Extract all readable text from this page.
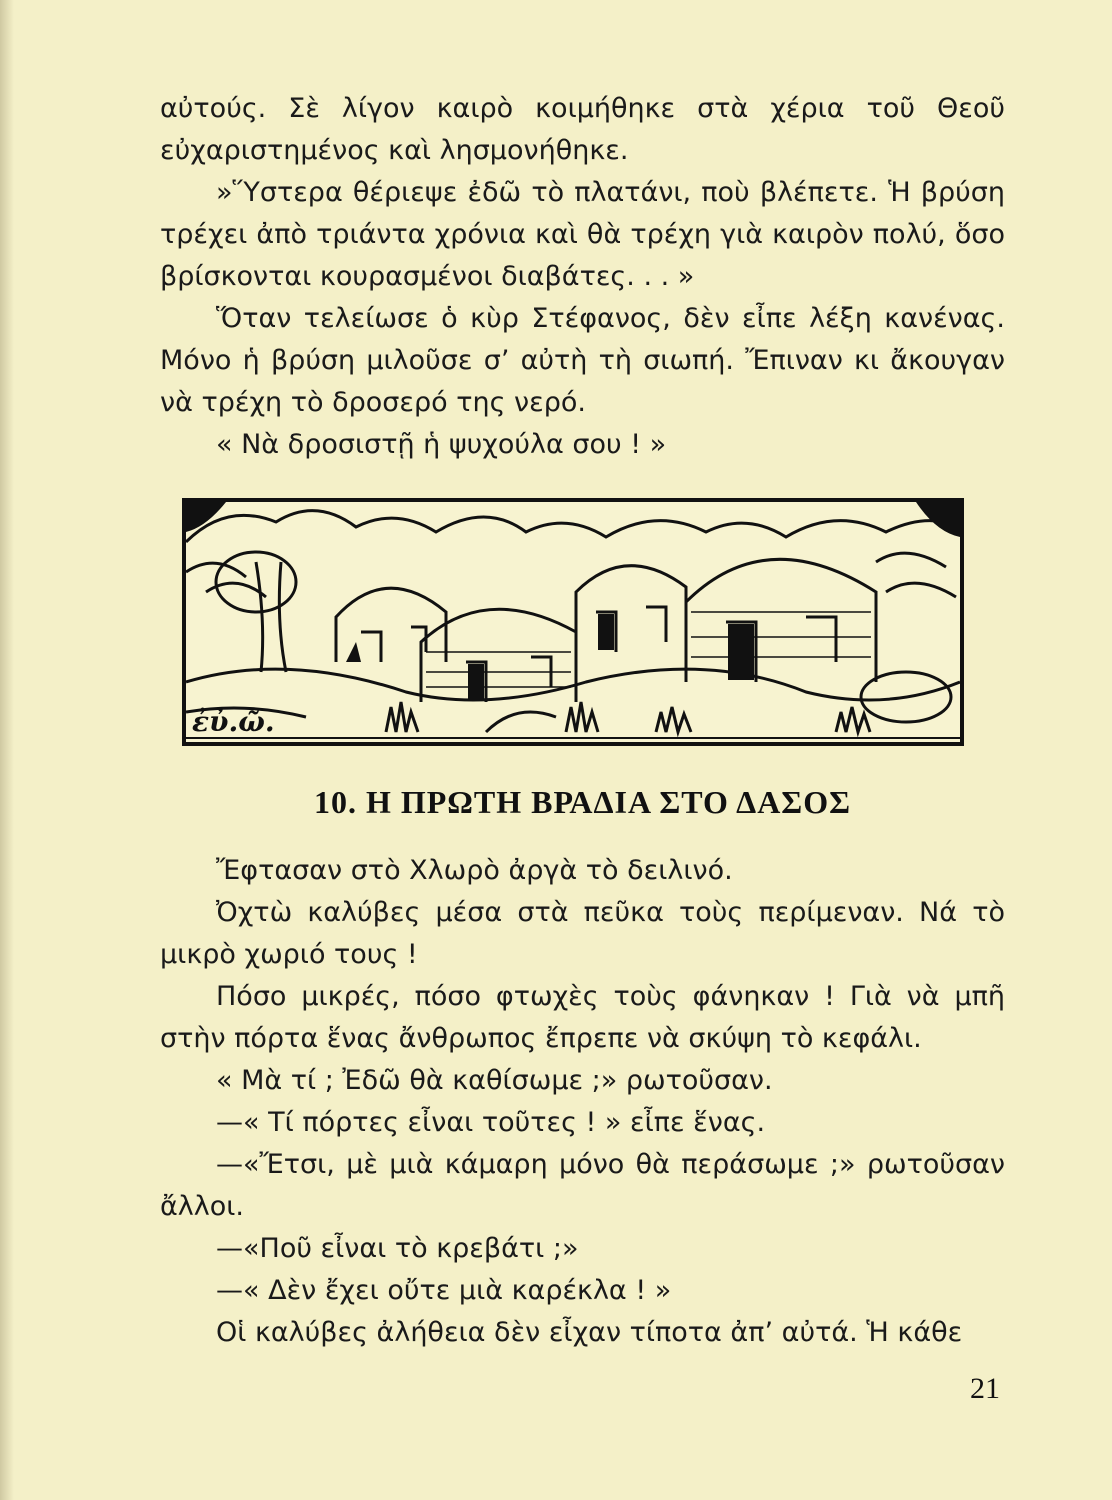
αὐτούς. Σὲ λίγον καιρὸ κοιμήθηκε στὰ χέρια τοῦ Θεοῦ εὐχαριστημένος καὶ λησμονήθηκε.

»Ὕστερα θέριεψε ἐδῶ τὸ πλατάνι, ποὺ βλέπετε. Ἡ βρύση τρέχει ἀπὸ τριάντα χρόνια καὶ θὰ τρέχη γιὰ καιρὸν πολύ, ὅσο βρίσκονται κουρασμένοι διαβάτες. . . »

Ὅταν τελείωσε ὁ κὺρ Στέφανος, δὲν εἶπε λέξη κανένας. Μόνο ἡ βρύση μιλοῦσε σ’ αὐτὴ τὴ σιωπή. Ἔπιναν κι ἄκουγαν νὰ τρέχη τὸ δροσερό της νερό.

« Νὰ δροσιστῇ ἡ ψυχούλα σου ! »

ἐὐ.ῶ.
10. Η ΠΡΩΤΗ ΒΡΑΔΙΑ ΣΤΟ ΔΑΣΟΣ

Ἔφτασαν στὸ Χλωρὸ ἀργὰ τὸ δειλινό.

Ὀχτὼ καλύβες μέσα στὰ πεῦκα τοὺς περίμεναν. Νά τὸ μικρὸ χωριό τους !

Πόσο μικρές, πόσο φτωχὲς τοὺς φάνηκαν ! Γιὰ νὰ μπῆ στὴν πόρτα ἕνας ἄνθρωπος ἔπρεπε νὰ σκύψη τὸ κεφάλι.

« Μὰ τί ; Ἐδῶ θὰ καθίσωμε ;» ρωτοῦσαν.

—« Τί πόρτες εἶναι τοῦτες ! » εἶπε ἕνας.

—«Ἔτσι, μὲ μιὰ κάμαρη μόνο θὰ περάσωμε ;» ρωτοῦσαν ἄλλοι.

—«Ποῦ εἶναι τὸ κρεβάτι ;»

—« Δὲν ἔχει οὔτε μιὰ καρέκλα ! »

Οἱ καλύβες ἀλήθεια δὲν εἶχαν τίποτα ἀπ’ αὐτά. Ἡ κάθε

21
